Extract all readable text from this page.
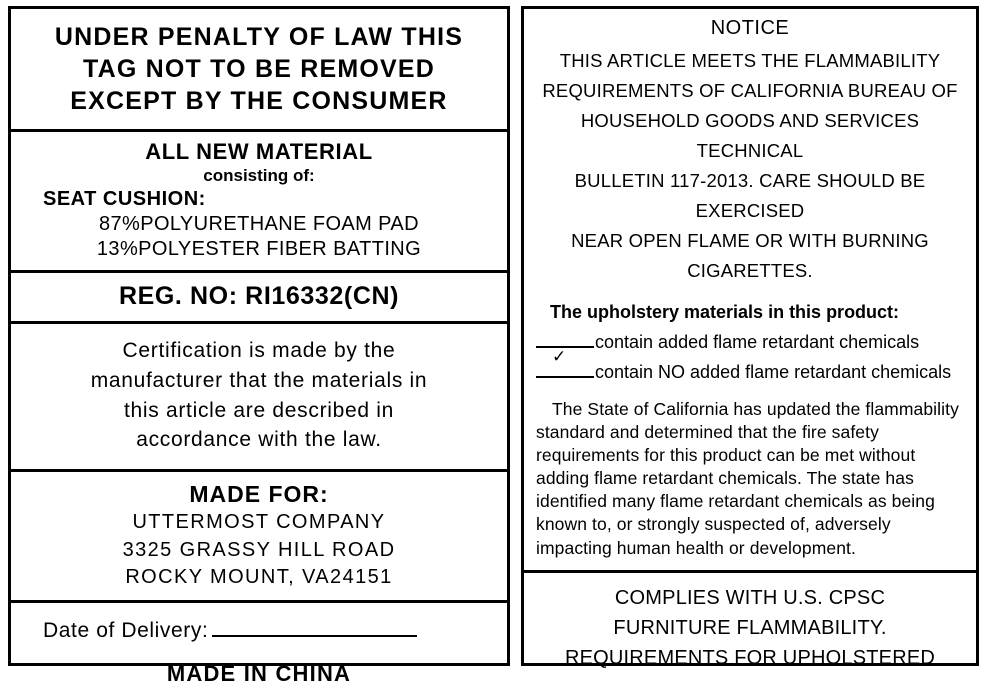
UNDER PENALTY OF LAW THIS
TAG NOT TO BE REMOVED
EXCEPT BY THE CONSUMER
ALL NEW MATERIAL
consisting of:
SEAT CUSHION:
87%POLYURETHANE FOAM PAD
13%POLYESTER FIBER BATTING
REG. NO: RI16332(CN)
Certification is made by the
manufacturer that the materials in
this article are described in
accordance with the law.
MADE FOR:
UTTERMOST COMPANY
3325 GRASSY HILL ROAD
ROCKY MOUNT, VA24151
Date of Delivery:
MADE IN CHINA
NOTICE
THIS ARTICLE MEETS THE FLAMMABILITY
REQUIREMENTS OF CALIFORNIA BUREAU OF
HOUSEHOLD GOODS AND SERVICES TECHNICAL
BULLETIN 117-2013. CARE SHOULD BE EXERCISED
NEAR OPEN FLAME OR WITH BURNING CIGARETTES.
The upholstery materials in this product:
contain added flame retardant chemicals
✓contain NO added flame retardant chemicals
The State of California has updated the flammability standard and determined that the fire safety requirements for this product can be met without adding flame retardant chemicals. The state has identified many flame retardant chemicals as being known to, or strongly suspected of, adversely impacting human health or development.
COMPLIES WITH U.S. CPSC
FURNITURE FLAMMABILITY.
REQUIREMENTS FOR UPHOLSTERED
